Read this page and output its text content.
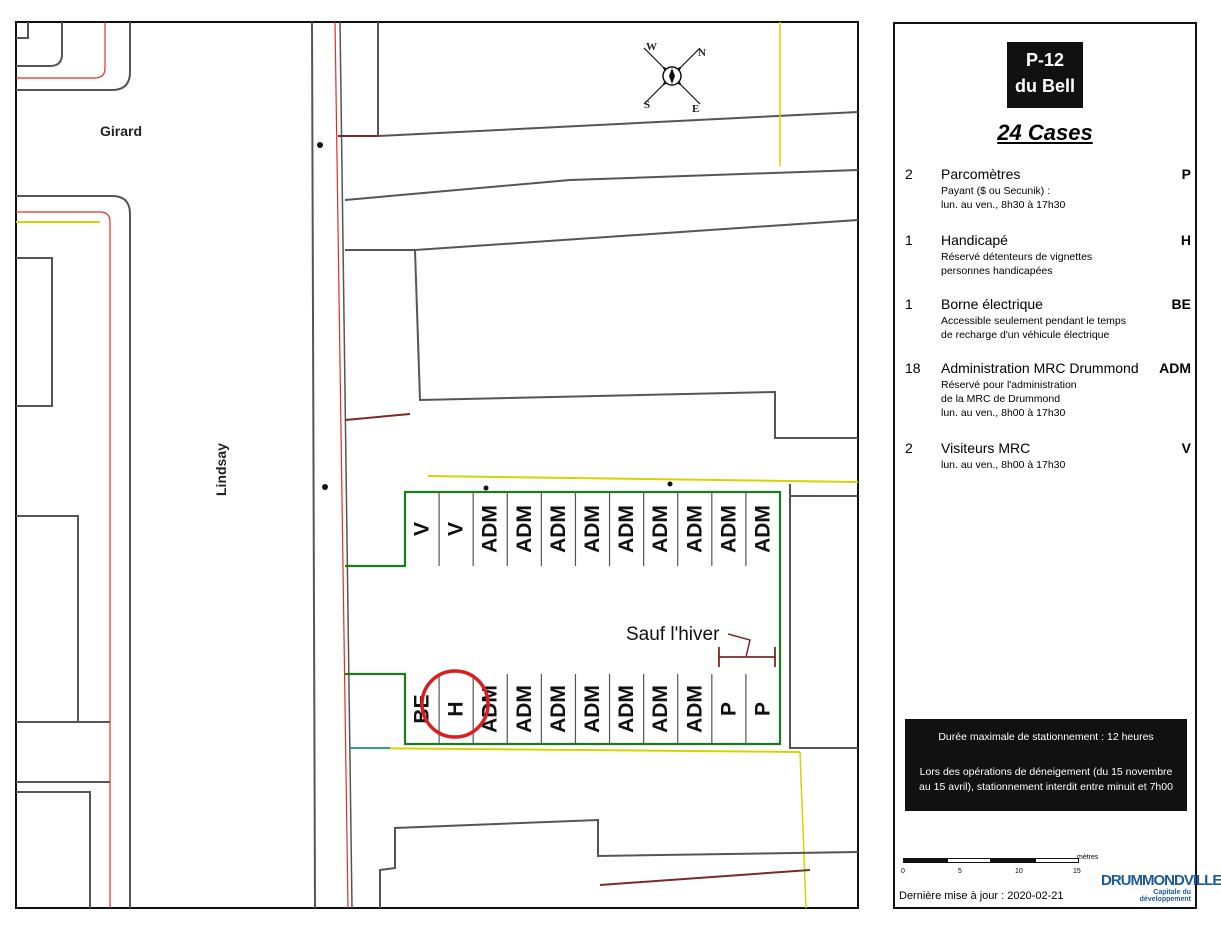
V V ADM ADM ADM ADM ADM ADM ADM ADM ADM
BE H ADM ADM ADM ADM ADM ADM ADM P P
Sauf l'hiver
Girard
Lindsay
N
E
S
W
P-12
du Bell
24 Cases
2 Parcomètres	P
Payant ($ ou Secunik) :
lun. au ven., 8h30 à 17h30
1 Handicapé	H
Réservé détenteurs de vignettes
personnes handicapées
1 Borne électrique	BE
Accessible seulement pendant le temps
de recharge d'un véhicule électrique
18 Administration MRC Drummond ADM
Réservé pour l'administration
de la MRC de Drummond
lun. au ven., 8h00 à 17h30
2 Visiteurs MRC	V
lun. au ven., 8h00 à 17h30
Durée maximale de stationnement : 12 heures
Lors des opérations de déneigement (du 15 novembre au 15 avril), stationnement interdit entre minuit et 7h00
0	5	10	15
mètres
Dernière mise à jour : 2020-02-21
DRUMMONDVILLE
Capitale du développement
